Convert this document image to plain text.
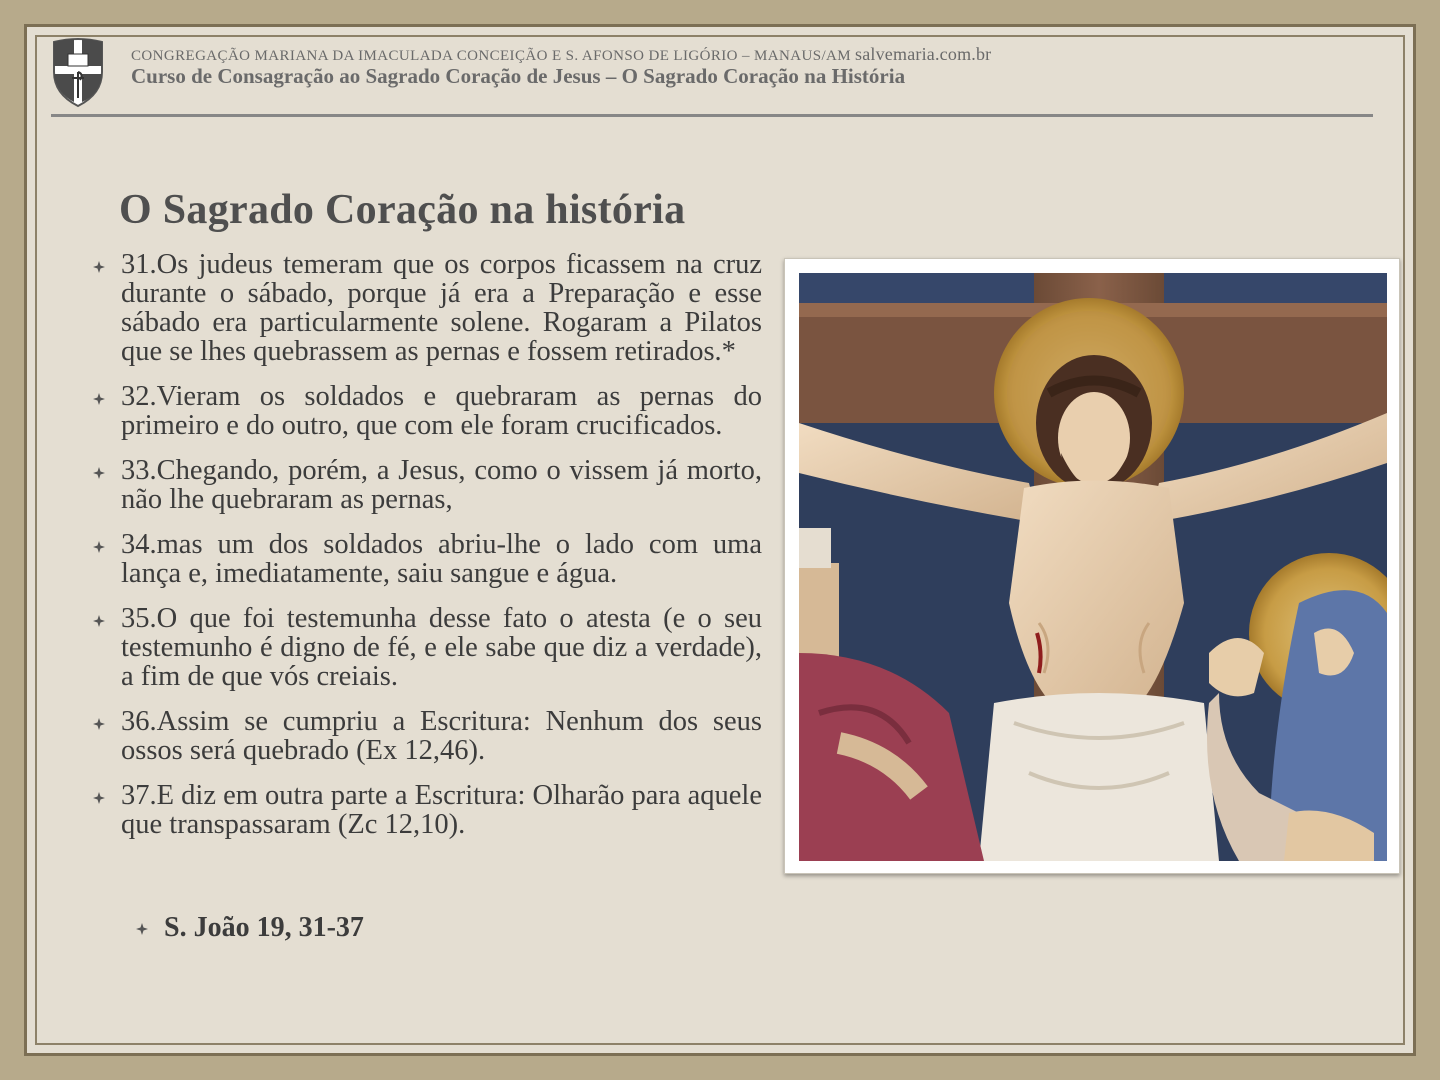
CONGREGAÇÃO MARIANA DA IMACULADA CONCEIÇÃO E S. AFONSO DE LIGÓRIO – MANAUS/AM salvemaria.com.br
Curso de Consagração ao Sagrado Coração de Jesus – O Sagrado Coração na História
O Sagrado Coração na história
31.Os judeus temeram que os corpos ficassem na cruz durante o sábado, porque já era a Preparação e esse sábado era particularmente solene. Rogaram a Pilatos que se lhes quebrassem as pernas e fossem retirados.*
32.Vieram os soldados e quebraram as pernas do primeiro e do outro, que com ele foram crucificados.
33.Chegando, porém, a Jesus, como o vissem já morto, não lhe quebraram as pernas,
34.mas um dos soldados abriu-lhe o lado com uma lança e, imediatamente, saiu sangue e água.
35.O que foi testemunha desse fato o atesta (e o seu testemunho é digno de fé, e ele sabe que diz a verdade), a fim de que vós creiais.
36.Assim se cumpriu a Escritura: Nenhum dos seus ossos será quebrado (Ex 12,46).
37.E diz em outra parte a Escritura: Olharão para aquele que transpassaram (Zc 12,10).
S. João 19, 31-37
